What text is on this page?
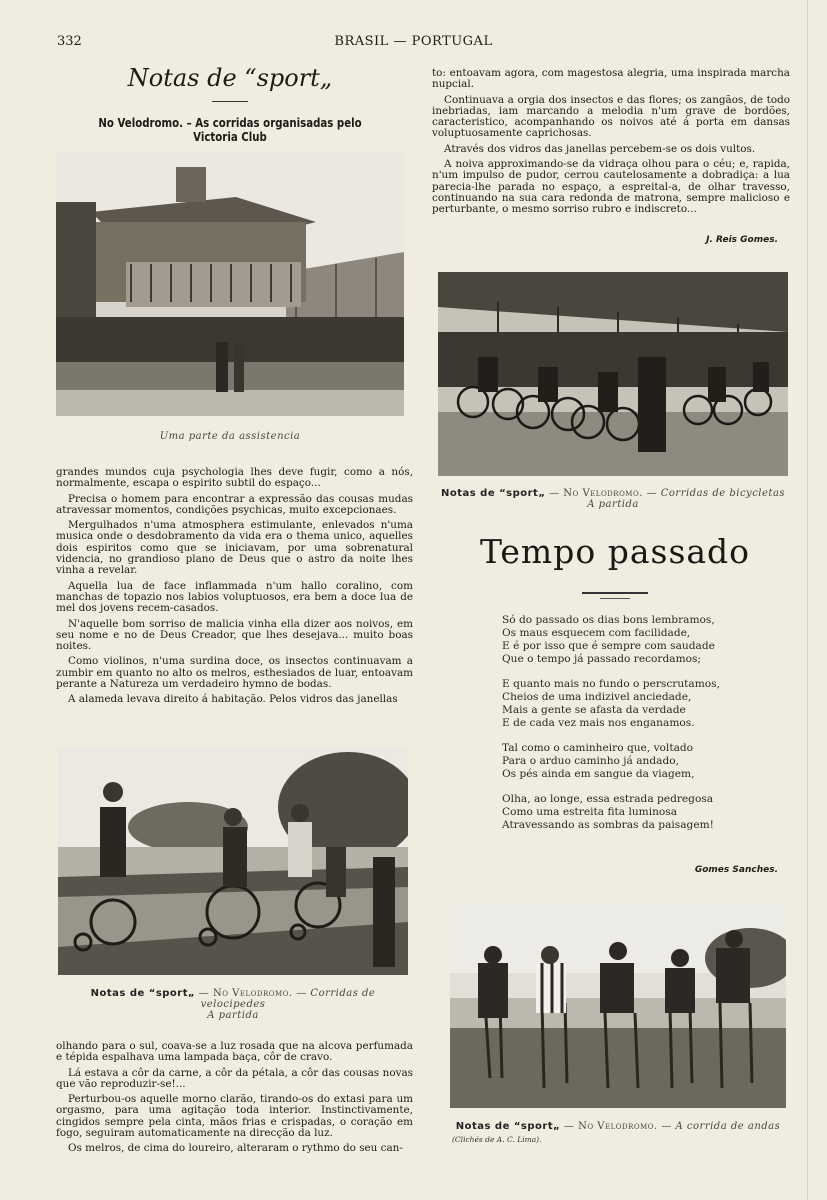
332	BRASIL — PORTUGAL
Notas de “sport„
No Velodromo. – As corridas organisadas pelo Victoria Club
Uma parte da assistencia

grandes mundos cuja psychologia lhes deve fugir, como a nós, normalmente, escapa o espirito subtil do espaço...

Precisa o homem para encontrar a expressão das cousas mudas atravessar momentos, condições psychicas, muito excepcionaes.

Mergulhados n'uma atmosphera estimulante, enlevados n'uma musica onde o desdobramento da vida era o thema unico, aquelles dois espiritos como que se iniciavam, por uma sobrenatural videncia, no grandioso plano de Deus que o astro da noite lhes vinha a revelar.

Aquella lua de face inflammada n'um hallo coralino, com manchas de topazio nos labios voluptuosos, era bem a doce lua de mel dos jovens recem-casados.

N'aquelle bom sorriso de malicia vinha ella dizer aos noivos, em seu nome e no de Deus Creador, que lhes desejava... muito boas noites.

Como violinos, n'uma surdina doce, os insectos continuavam a zumbir em quanto no alto os melros, esthesiados de luar, entoavam perante a Natureza um verdadeiro hymno de bodas.

A alameda levava direito á habitação. Pelos vidros das janellas

Notas de “sport„ — No Velodromo. — Corridas de velocipedes
A partida

olhando para o sul, coava-se a luz rosada que na alcova perfumada e tépida espalhava uma lampada baça, côr de cravo.

Lá estava a côr da carne, a côr da pétala, a côr das cousas novas que vão reproduzir-se!...

Perturbou-os aquelle morno clarão, tirando-os do extasi para um orgasmo, para uma agitação toda interior. Instinctivamente, cingidos sempre pela cinta, mãos frias e crispadas, o coração em fogo, seguiram automaticamente na direcção da luz.

Os melros, de cima do loureiro, alteraram o rythmo do seu can-

to: entoavam agora, com magestosa alegria, uma inspirada marcha nupcial.

Continuava a orgia dos insectos e das flores; os zangãos, de todo inebriadas, iam marcando a melodia n'um grave de bordões, caracteristico, acompanhando os noivos até á porta em dansas voluptuosamente caprichosas.

Através dos vidros das janellas percebem-se os dois vultos.

A noiva approximando-se da vidraça olhou para o céu; e, rapida, n'um impulso de pudor, cerrou cautelosamente a dobradiça: a lua parecia-lhe parada no espaço, a espreital-a, de olhar travesso, continuando na sua cara redonda de matrona, sempre malicioso e perturbante, o mesmo sorriso rubro e indiscreto...

J. Reis Gomes.
Notas de “sport„ — No Velodromo. — Corridas de bicycletas
A partida
Tempo passado
Só do passado os dias bons lembramos,
Os maus esquecem com facilidade,
E é por isso que é sempre com saudade
Que o tempo já passado recordamos;
E quanto mais no fundo o perscrutamos,
Cheios de uma indizivel anciedade,
Mais a gente se afasta da verdade
E de cada vez mais nos enganamos.
Tal como o caminheiro que, voltado
Para o arduo caminho já andado,
Os pés ainda em sangue da viagem,
Olha, ao longe, essa estrada pedregosa
Como uma estreita fita luminosa
Atravessando as sombras da paisagem!
Gomes Sanches.
Notas de “sport„ — No Velodromo. — A corrida de andas
(Clichés de A. C. Lima).
